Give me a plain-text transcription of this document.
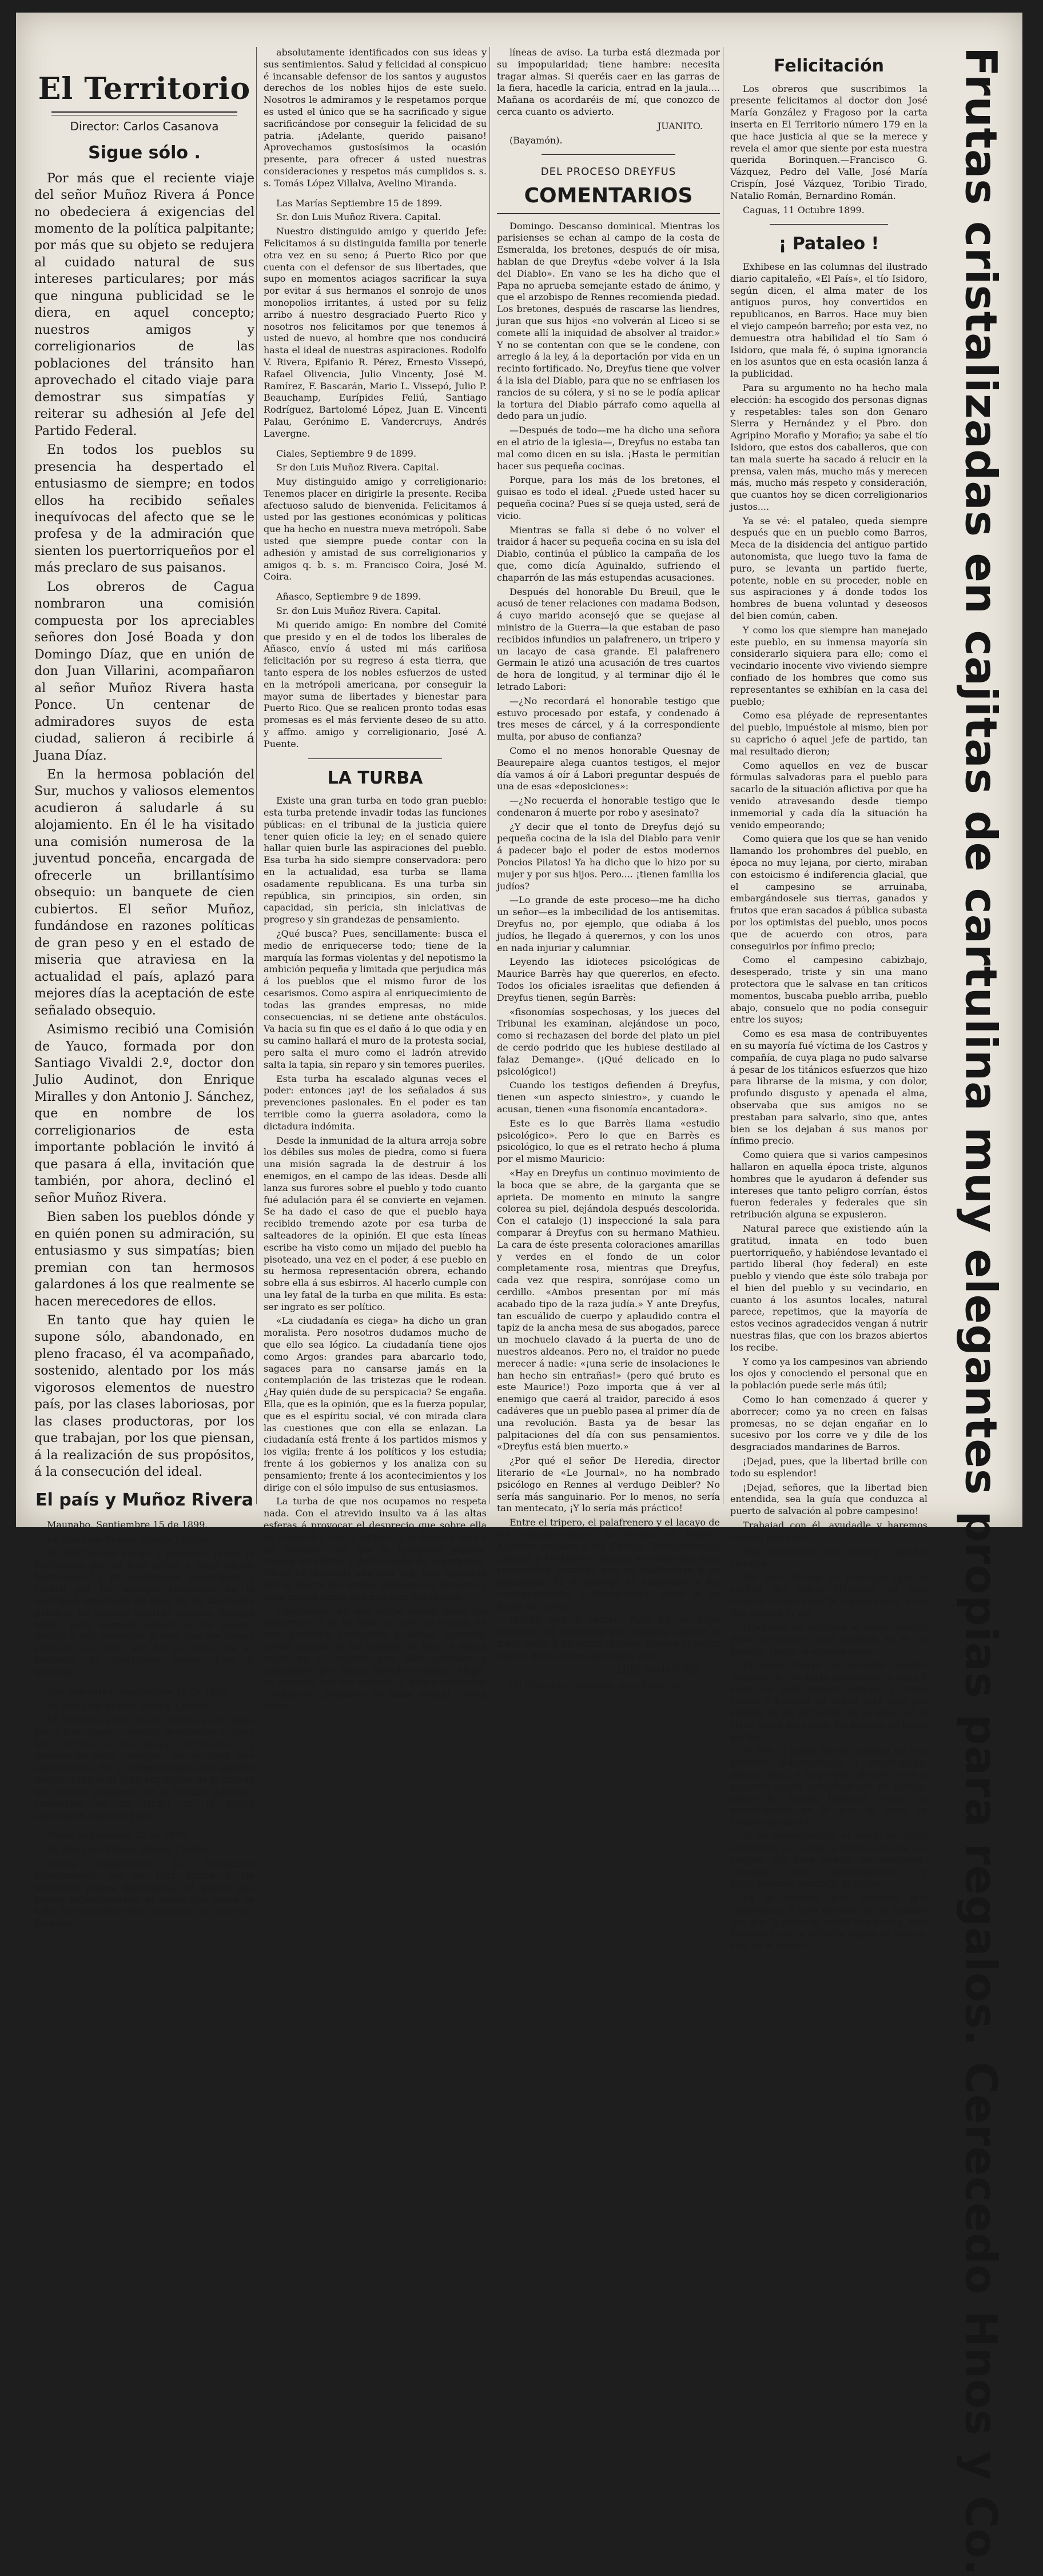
El Territorio
Director: Carlos Casanova
Sigue sólo .

Por más que el reciente viaje del señor Muñoz Rivera á Ponce no obedeciera á exigencias del momento de la política palpitante; por más que su objeto se redujera al cuidado natural de sus intereses particulares; por más que ninguna publicidad se le diera, en aquel concepto; nuestros amigos y correligionarios de las poblaciones del tránsito han aprovechado el citado viaje para demostrar sus simpatías y reiterar su adhesión al Jefe del Partido Federal.

En todos los pueblos su presencia ha despertado el entusiasmo de siempre; en todos ellos ha recibido señales inequívocas del afecto que se le profesa y de la admiración que sienten los puertorriqueños por el más preclaro de sus paisanos.

Los obreros de Cagua nombraron una comisión compuesta por los apreciables señores don José Boada y don Domingo Díaz, que en unión de don Juan Villarini, acompañaron al señor Muñoz Rivera hasta Ponce. Un centenar de admiradores suyos de esta ciudad, salieron á recibirle á Juana Díaz.

En la hermosa población del Sur, muchos y valiosos elementos acudieron á saludarle á su alojamiento. En él le ha visitado una comisión numerosa de la juventud ponceña, encargada de ofrecerle un brillantísimo obsequio: un banquete de cien cubiertos. El señor Muñoz, fundándose en razones políticas de gran peso y en el estado de miseria que atraviesa en la actualidad el país, aplazó para mejores días la aceptación de este señalado obsequio.

Asimismo recibió una Comisión de Yauco, formada por don Santiago Vivaldi 2.º, doctor don Julio Audinot, don Enrique Miralles y don Antonio J. Sánchez, que en nombre de los correligionarios de esta importante población le invitó á que pasara á ella, invitación que también, por ahora, declinó el señor Muñoz Rivera.

Bien saben los pueblos dónde y en quién ponen su admiración, su entusiasmo y sus simpatías; bien premian con tan hermosos galardones á los que realmente se hacen merecedores de ellos.

En tanto que hay quien le supone sólo, abandonado, en pleno fracaso, él va acompañado, sostenido, alentado por los más vigorosos elementos de nuestro país, por las clases laboriosas, por las clases productoras, por los que trabajan, por los que piensan, á la realización de sus propósitos, á la consecución del ideal.

El país y Muñoz Rivera

Maunabo, Septiembre 15 de 1899.

Sr. don Luis Muñoz Rivera. Capital.

Mi distinguido amigo y pariente. Doble la bienvenida por su feliz arribo á estas playas borincanas. Y mi felicitación espontánea y cordial por los trabajos realizados en la metrópoli americana en favor de las libertades públicas de nuestro querido terruño. Aunque tarde, pero siempre seguro es mi saludo, debido á mis dolencias graves que me tienen postrado en cama, ese fué el motivo de mi tardanza. Su afectísimo amigo, Juan T. Santiago.

San Sebastián, Septiembre 12 de 1899.

Sr. don Luis Muñoz Rivera. Capital.

Mi humilde, pero sincero saludo á tan digno jefe y á su digna consorte; deseándole á usted feliz arribo á las playas borincanas, y deseándole éxito completo en el ideal que sustentamos. Yo, el último soldado del ejército liberal, suplico al gran arquitecto de lo creado que pronto podamos ver al terruño adorado, convertido en un jardín de la Unión Americana. Adriano Pozo.

Moca, Septiembre 12 de 1899.

Sr. don Luis Muñoz Rivera. Capital.

Ilustre compatricio: Le felicitamos sinceramente por su feliz arribo á las hermosas playas borincanas. El placer que hemos experimentado al saber que usted se halla nuevamente entre nosotros, es inmenso. Estamos

absolutamente identificados con sus ideas y sus sentimientos. Salud y felicidad al conspicuo é incansable defensor de los santos y augustos derechos de los nobles hijos de este suelo. Nosotros le admiramos y le respetamos porque es usted el único que se ha sacrificado y sigue sacrificándose por conseguir la felicidad de su patria. ¡Adelante, querido paisano! Aprovechamos gustosísimos la ocasión presente, para ofrecer á usted nuestras consideraciones y respetos más cumplidos s. s. s. Tomás López Villalva, Avelino Miranda.

Las Marías Septiembre 15 de 1899.

Sr. don Luis Muñoz Rivera. Capital.

Nuestro distinguido amigo y querido Jefe: Felicitamos á su distinguida familia por tenerle otra vez en su seno; á Puerto Rico por que cuenta con el defensor de sus libertades, que supo en momentos aciagos sacrificar la suya por evitar á sus hermanos el sonrojo de unos monopolios irritantes, á usted por su feliz arribo á nuestro desgraciado Puerto Rico y nosotros nos felicitamos por que tenemos á usted de nuevo, al hombre que nos conducirá hasta el ideal de nuestras aspiraciones. Rodolfo V. Rivera, Epifanio R. Pérez, Ernesto Vissepó, Rafael Olivencia, Julio Vincenty, José M. Ramírez, F. Bascarán, Mario L. Vissepó, Julio P. Beauchamp, Eurípides Feliú, Santiago Rodríguez, Bartolomé López, Juan E. Vincenti Palau, Gerónimo E. Vandercruys, Andrés Lavergne.

Ciales, Septiembre 9 de 1899.

Sr don Luis Muñoz Rivera. Capital.

Muy distinguido amigo y correligionario: Tenemos placer en dirigirle la presente. Reciba afectuoso saludo de bienvenida. Felicitamos á usted por las gestiones económicas y políticas que ha hecho en nuestra nueva metrópoli. Sabe usted que siempre puede contar con la adhesión y amistad de sus correligionarios y amigos q. b. s. m. Francisco Coira, José M. Coira.

Añasco, Septiembre 9 de 1899.

Sr. don Luis Muñoz Rivera. Capital.

Mi querido amigo: En nombre del Comité que presido y en el de todos los liberales de Añasco, envío á usted mi más cariñosa felicitación por su regreso á esta tierra, que tanto espera de los nobles esfuerzos de usted en la metrópoli americana, por conseguir la mayor suma de libertades y bienestar para Puerto Rico. Que se realicen pronto todas esas promesas es el más ferviente deseo de su atto. y affmo. amigo y correligionario, José A. Puente.

LA TURBA

Existe una gran turba en todo gran pueblo: esta turba pretende invadir todas las funciones públicas: en el tribunal de la justicia quiere tener quien oficie la ley; en el senado quiere hallar quien burle las aspiraciones del pueblo. Esa turba ha sido siempre conservadora: pero en la actualidad, esa turba se llama osadamente republicana. Es una turba sin república, sin principios, sin orden, sin capacidad, sin pericia, sin iniciativas de progreso y sin grandezas de pensamiento.

¿Qué busca? Pues, sencillamente: busca el medio de enriquecerse todo; tiene de la marquía las formas violentas y del nepotismo la ambición pequeña y limitada que perjudica más á los pueblos que el mismo furor de los cesarismos. Como aspira al enriquecimiento de todas las grandes empresas, no mide consecuencias, ni se detiene ante obstáculos. Va hacia su fin que es el daño á lo que odia y en su camino hallará el muro de la protesta social, pero salta el muro como el ladrón atrevido salta la tapia, sin reparo y sin temores pueriles.

Esta turba ha escalado algunas veces el poder: entonces ¡ay! de los señalados á sus prevenciones pasionales. En el poder es tan terrible como la guerra asoladora, como la dictadura indómita.

Desde la inmunidad de la altura arroja sobre los débiles sus moles de piedra, como si fuera una misión sagrada la de destruir á los enemigos, en el campo de las ideas. Desde allí lanza sus furores sobre el pueblo y todo cuanto fué adulación para él se convierte en vejamen. Se ha dado el caso de que el pueblo haya recibido tremendo azote por esa turba de salteadores de la opinión. El que esta líneas escribe ha visto como un mijado del pueblo ha pisoteado, una vez en el poder, á ese pueblo en su hermosa representación obrera, echando sobre ella á sus esbirros. Al hacerlo cumple con una ley fatal de la turba en que milita. Es esta: ser ingrato es ser político.

«La ciudadanía es ciega» ha dicho un gran moralista. Pero nosotros dudamos mucho de que ello sea lógico. La ciudadanía tiene ojos como Argos: grandes para abarcarlo todo, sagaces para no cansarse jamás en la contemplación de las tristezas que le rodean. ¿Hay quién dude de su perspicacia? Se engaña. Ella, que es la opinión, que es la fuerza popular, que es el espíritu social, vé con mirada clara las cuestiones que con ella se enlazan. La ciudadanía está frente á los partidos mismos y los vigila; frente á los políticos y los estudia; frente á los gobiernos y los analiza con su pensamiento; frente á los acontecimientos y los dirige con el sólo impulso de sus entusiasmos.

La turba de que nos ocupamos no respeta nada. Con el atrevido insulto va á las altas esferas á provocar el desprecio que sobre ella se acumula y con la sutileza y la mentira baja á los hogares con que la inocencia popular reposa en eterno y dulce sueño de esperanzas. No se ha detenido una sola vez, sino apaleada por la fuerza del orden; entonces se arrastra y besa manos como una meretriz desdeñada.

Finalmente: en ese grupo caben todas las impurezas, y se ha dado el caso, no escaso, de que hombres eminentes y almas honradas hayan pasado en un instante lo ideal y hayan caído en el camino que ellos—¡vadidos y engañados por falsas virtudes!—deben elegir, en acuerdo con sus nuevos—y nunca conocidos—políticos. ¡Hombres de alma buena! Sirvan estas

líneas de aviso. La turba está diezmada por su impopularidad; tiene hambre: necesita tragar almas. Si queréis caer en las garras de la fiera, hacedle la caricia, entrad en la jaula.... Mañana os acordaréis de mí, que conozco de cerca cuanto os advierto.

JUANITO.

(Bayamón).

DEL PROCESO DREYFUS
COMENTARIOS

Domingo. Descanso dominical. Mientras los parisienses se echan al campo de la costa de Esmeralda, los bretones, después de oír misa, hablan de que Dreyfus «debe volver á la Isla del Diablo». En vano se les ha dicho que el Papa no aprueba semejante estado de ánimo, y que el arzobispo de Rennes recomienda piedad. Los bretones, después de rascarse las liendres, juran que sus hijos «no volverán al Liceo si se comete allí la iniquidad de absolver al traidor.» Y no se contentan con que se le condene, con arreglo á la ley, á la deportación por vida en un recinto fortificado. No, Dreyfus tiene que volver á la isla del Diablo, para que no se enfriasen los rancios de su cólera, y si no se le podía aplicar la tortura del Diablo párrafo como aquella al dedo para un judío.

—Después de todo—me ha dicho una señora en el atrio de la iglesia—, Dreyfus no estaba tan mal como dicen en su isla. ¡Hasta le permitían hacer sus pequeña cocinas.

Porque, para los más de los bretones, el guisao es todo el ideal. ¿Puede usted hacer su pequeña cocina? Pues sí se queja usted, será de vicio.

Mientras se falla si debe ó no volver el traidor á hacer su pequeña cocina en su isla del Diablo, continúa el público la campaña de los que, como dicía Aguinaldo, sufriendo el chaparrón de las más estupendas acusaciones.

Después del honorable Du Breuil, que le acusó de tener relaciones con madama Bodson, á cuyo marido aconsejó que se quejase al ministro de la Guerra—la que estaban de paso recibidos infundios un palafrenero, un tripero y un lacayo de casa grande. El palafrenero Germain le atizó una acusación de tres cuartos de hora de longitud, y al terminar dijo él le letrado Labori:

—¿No recordará el honorable testigo que estuvo procesado por estafa, y condenado á tres meses de cárcel, y á la correspondiente multa, por abuso de confianza?

Como el no menos honorable Quesnay de Beaurepaire alega cuantos testigos, el mejor día vamos á oír á Labori preguntar después de una de esas «deposiciones»:

—¿No recuerda el honorable testigo que le condenaron á muerte por robo y asesinato?

¿Y decir que el tonto de Dreyfus dejó su pequeña cocina de la isla del Diablo para venir á padecer bajo el poder de estos modernos Poncios Pilatos! Ya ha dicho que lo hizo por su mujer y por sus hijos. Pero.... ¡tienen familia los judíos?

—Lo grande de este proceso—me ha dicho un señor—es la imbecilidad de los antisemitas. Dreyfus no, por ejemplo, que odiaba á los judíos, he llegado á querernos, y con los unos en nada injuriar y calumniar.

Leyendo las idioteces psicológicas de Maurice Barrès hay que quererlos, en efecto. Todos los oficiales israelitas que defienden á Dreyfus tienen, según Barrès:

«fisonomías sospechosas, y los jueces del Tribunal les examinan, alejándose un poco, como si rechazasen del borde del plato un piel de cerdo podrido que les hubiese destilado al falaz Demange». (¡Qué delicado en lo psicológico!)

Cuando los testigos defienden á Dreyfus, tienen «un aspecto siniestro», y cuando le acusan, tienen «una fisonomía encantadora».

Este es lo que Barrès llama «estudio psicológico». Pero lo que en Barrès es psicológico, lo que es el retrato hecho á pluma por el mismo Mauricio:

«Hay en Dreyfus un continuo movimiento de la boca que se abre, de la garganta que se aprieta. De momento en minuto la sangre colorea su piel, dejándola después descolorida. Con el catalejo (1) inspeccioné la sala para comparar á Dreyfus con su hermano Mathieu. La cara de éste presenta coloraciones amarillas y verdes en el fondo de un color completamente rosa, mientras que Dreyfus, cada vez que respira, sonrójase como un cerdillo. «Ambos presentan por mí más acabado tipo de la raza judía.» Y ante Dreyfus, tan escuálido de cuerpo y aplaudido contra el tapiz de la ancha mesa de sus abogados, parece un mochuelo clavado á la puerta de uno de nuestros aldeanos. Pero no, el traidor no puede merecer á nadie: «¡una serie de insolaciones le han hecho sin entrañas!» (pero qué bruto es este Maurice!) Pozo importa que á ver al enemigo que caerá al traidor, parecido á esos cadáveres que un pueblo pasea al primer día de una revolución. Basta ya de besar las palpitaciones del día con sus pensamientos. «Dreyfus está bien muerto.»

¿Por qué el señor De Heredia, director literario de «Le Journal», no ha nombrado psicólogo en Rennes al verdugo Deibler? No sería más sanguinario. Por lo menos, no sería tan mentecato, ¡Y lo sería más práctico!

Entre el tripero, el palafrenero y el lacayo de las «deposiciones», lo último es Barrès. Aquellos copiaba á los Carlyle, Schopenhauer, Disraeli y Nietzsche (aunque no entienden esos apreciables hombres que no publicarían á su psicología. Él sí entrega el «sistema» y los «comprenderlos y traducirlos», como le ha dicho un crítico.

¡Ahora que á Marat. Pero no se haga ilusiones: no merecerá que ninguna Carlota le mate como á un perro rabioso. Porque el señor Barrès no es de los que dejan vivir....

LUIS BONAFOUX.

[1] ¡Una usted catalejos, gran Mauricio!...

Felicitación

Los obreros que suscribimos la presente felicitamos al doctor don José María González y Fragoso por la carta inserta en El Territorio número 179 en la que hace justicia al que se la merece y revela el amor que siente por esta nuestra querida Borinquen.—Francisco G. Vázquez, Pedro del Valle, José María Crispín, José Vázquez, Toribio Tirado, Natalio Román, Bernardino Román.

Caguas, 11 Octubre 1899.

¡ Pataleo !

Exhibese en las columnas del ilustrado diario capitaleño, «El País», el tío Isidoro, según dicen, el alma mater de los antiguos puros, hoy convertidos en republicanos, en Barros. Hace muy bien el viejo campeón barreño; por esta vez, no demuestra otra habilidad el tío Sam ó Isidoro, que mala fé, ó supina ignorancia en los asuntos que en esta ocasión lanza á la publicidad.

Para su argumento no ha hecho mala elección: ha escogido dos personas dignas y respetables: tales son don Genaro Sierra y Hernández y el Pbro. don Agripino Morafio y Morafio; ya sabe el tío Isidoro, que estos dos caballeros, que con tan mala suerte ha sacado á relucir en la prensa, valen más, mucho más y merecen más, mucho más respeto y consideración, que cuantos hoy se dicen correligionarios justos....

Ya se vé: el pataleo, queda siempre después que en un pueblo como Barros, Meca de la disidencia del antiguo partido autonomista, que luego tuvo la fama de puro, se levanta un partido fuerte, potente, noble en su proceder, noble en sus aspiraciones y á donde todos los hombres de buena voluntad y deseosos del bien común, caben.

Y como los que siempre han manejado este pueblo, en su inmensa mayoría sin considerarlo siquiera para ello; como el vecindario inocente vivo viviendo siempre confiado de los hombres que como sus representantes se exhibían en la casa del pueblo;

Como esa pléyade de representantes del pueblo, impuéstole al mismo, bien por su capricho ó aquel jefe de partido, tan mal resultado dieron;

Como aquellos en vez de buscar fórmulas salvadoras para el pueblo para sacarlo de la situación aflictiva por que ha venido atravesando desde tiempo inmemorial y cada día la situación ha venido empeorando;

Como quiera que los que se han venido llamando los prohombres del pueblo, en época no muy lejana, por cierto, miraban con estoicismo é indiferencia glacial, que el campesino se arruinaba, embargándosele sus tierras, ganados y frutos que eran sacados á pública subasta por los optimistas del pueblo, unos pocos que de acuerdo con otros, para conseguirlos por ínfimo precio;

Como el campesino cabizbajo, desesperado, triste y sin una mano protectora que le salvase en tan críticos momentos, buscaba pueblo arriba, pueblo abajo, consuelo que no podía conseguir entre los suyos;

Como es esa masa de contribuyentes en su mayoría fué víctima de los Castros y compañía, de cuya plaga no pudo salvarse á pesar de los titánicos esfuerzos que hizo para librarse de la misma, y con dolor, profundo disgusto y apenada el alma, observaba que sus amigos no se prestaban para salvarlo, sino que, antes bien se los dejaban á sus manos por ínfimo precio.

Como quiera que si varios campesinos hallaron en aquella época triste, algunos hombres que le ayudaron á defender sus intereses que tanto peligro corrían, éstos fueron federales y federales que sin retribución alguna se expusieron.

Natural parece que existiendo aún la gratitud, innata en todo buen puertorriqueño, y habiéndose levantado el partido liberal (hoy federal) en este pueblo y viendo que éste sólo trabaja por el bien del pueblo y su vecindario, en cuanto á los asuntos locales, natural parece, repetimos, que la mayoría de estos vecinos agradecidos vengan á nutrir nuestras filas, que con los brazos abiertos los recibe.

Y como ya los campesinos van abriendo los ojos y conociendo el personal que en la población puede serle más útil;

Como lo han comenzado á querer y aborrecer; como ya no creen en falsas promesas, no se dejan engañar en lo sucesivo por los corre ve y dile de los desgraciados mandarines de Barros.

¡Dejad, pues, que la libertad brille con todo su esplendor!

¡Dejad, señores, que la libertad bien entendida, sea la guía que conduzca al puerto de salvación al pobre campesino!

Trabajad con él, ayudadle y haremos buenos patriotas!

Esto ennoblece, esto eleva y el pueblo se salva.....

Por eso dijimos al principio que la actitud del señor «Isidoro» en esta ocasión revela mala fé ó ignorancia, ó las dos cosas á la vez.

¡Magnate en embrión el señor Sierra! ¡Qué sarcasmo! ¡Qué atrevido es el tío Isidoro! ¡Vaya, la envidia reina!

El señor Sierra no necesita nuestra defensa: su conducta intachable lo pone á salvo de todo encono político y como vecino y hombre de orden está muy por encima de su detractor. Ya se sabe: en el cieno viven los sapos; los buenos en todas partes.

Si hoy el señor Sierra disfruta de una posición independiente y desahogada, débelo, pues, á su propio esfuerzo, y es el segundo mayor contribuyente de Barros, jamás ha dejado traslucir asomo de pretensiones, es lo que se lama un hombre modesto.

Si ha desempeñado el cargo de fiscal municipal, es debido á insistencias de sus amigos. No hace mucho fué nombrado concejal del Ayuntamiento, y seguidamente renunció el cargo.

Es el hombre más modesto que conocemos; y cosa extraña en un hombre que por la posición social que ocupa, está llamado á ser la primera figura en Barros. Hoy se le zahiere	Frutas cristalizadas en cajitas de cartulina muy elegantes propias para regalos. Cerecedo Hnos y Co.
